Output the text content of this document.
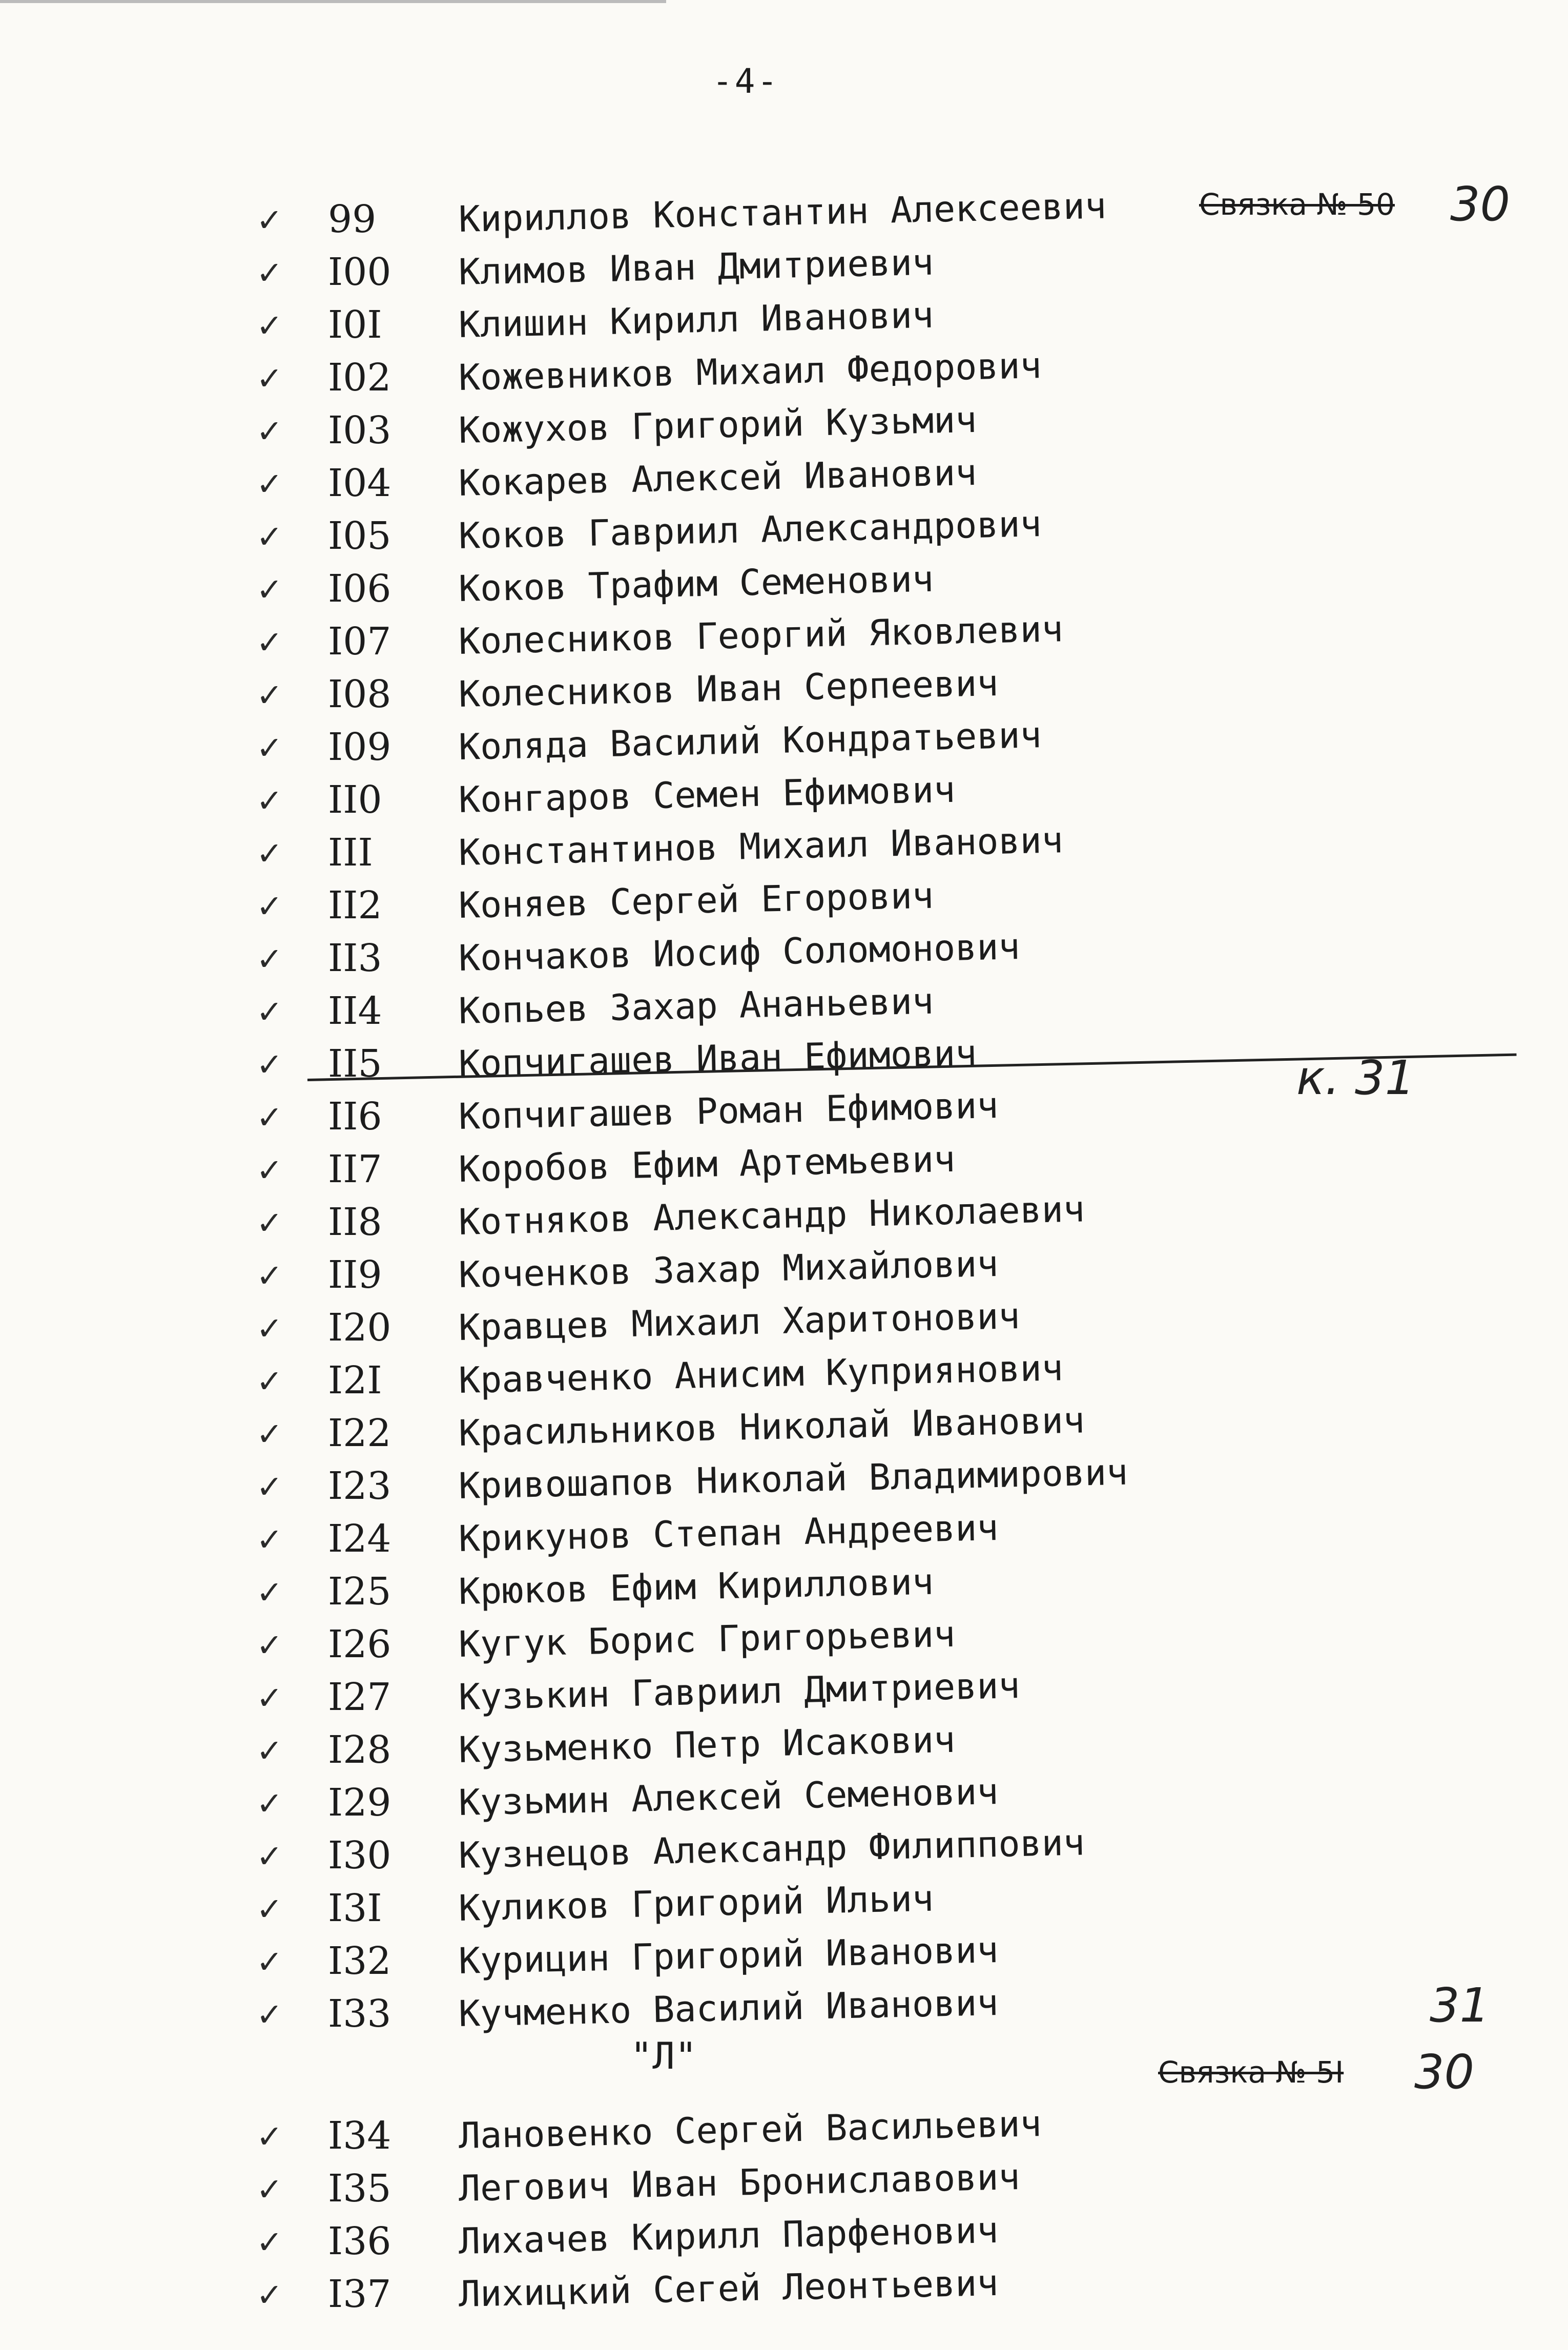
-4-
✓ 99 Кириллов Константин Алексеевич
✓ I00 Климов Иван Дмитриевич
✓ I0I Клишин Кирилл Иванович
✓ I02 Кожевников Михаил Федорович
✓ I03 Кожухов Григорий Кузьмич
✓ I04 Кокарев Алексей Иванович
✓ I05 Коков Гавриил Александрович
✓ I06 Коков Трафим Семенович
✓ I07 Колесников Георгий Яковлевич
✓ I08 Колесников Иван Серпеевич
✓ I09 Коляда Василий Кондратьевич
✓ II0 Конгаров Семен Ефимович
✓ III Константинов Михаил Иванович
✓ II2 Коняев Сергей Егорович
✓ II3 Кончаков Иосиф Соломонович
✓ II4 Копьев Захар Ананьевич
✓ II5 Копчигашев Иван Ефимович
✓ II6 Копчигашев Роман Ефимович
✓ II7 Коробов Ефим Артемьевич
✓ II8 Котняков Александр Николаевич
✓ II9 Коченков Захар Михайлович
✓ I20 Кравцев Михаил Харитонович
✓ I2I Кравченко Анисим Куприянович
✓ I22 Красильников Николай Иванович
✓ I23 Кривошапов Николай Владимирович
✓ I24 Крикунов Степан Андреевич
✓ I25 Крюков Ефим Кириллович
✓ I26 Кугук Борис Григорьевич
✓ I27 Кузькин Гавриил Дмитриевич
✓ I28 Кузьменко Петр Исакович
✓ I29 Кузьмин Алексей Семенович
✓ I30 Кузнецов Александр Филиппович
✓ I3I Куликов Григорий Ильич
✓ I32 Курицин Григорий Иванович
✓ I33 Кучменко Василий Иванович
✓ I34 Лановенко Сергей Васильевич
✓ I35 Легович Иван Брониславович
✓ I36 Лихачев Кирилл Парфенович
✓ I37 Лихицкий Сегей Леонтьевич
"Л"
Связка № 50 30
к. 31
Связка № 5I
31
30
